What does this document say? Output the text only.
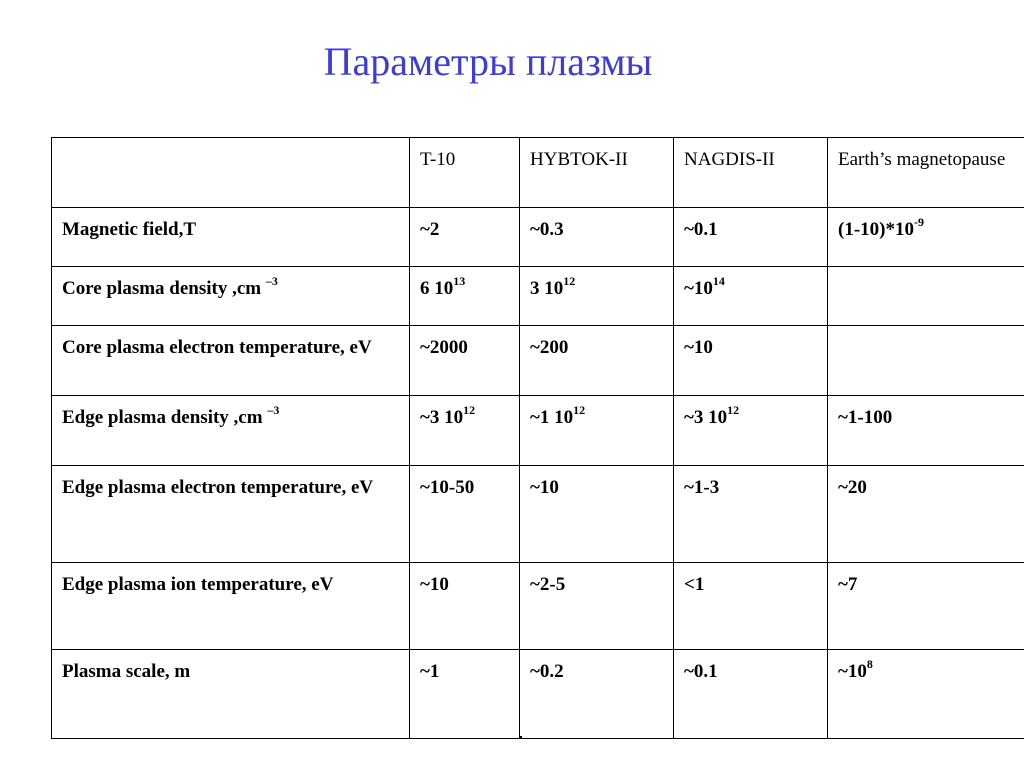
Параметры плазмы
	T-10	HYBTOK-II	NAGDIS-II	Earth’s magnetopause
Magnetic field,T	~2	~0.3	~0.1	$(1-10)*10^{-9}$
Core plasma density ,cm $^{-3}$	6 $10^{13}$	3 $10^{12}$	$\sim 10^{14}$	
Core plasma electron temperature, eV	~2000	~200	~10	
Edge plasma density ,cm $^{-3}$	~3 $10^{12}$	~1 $10^{12}$	~3 $10^{12}$	~1-100
Edge plasma electron temperature, eV	~10-50	~10	~1-3	~20
Edge plasma ion temperature, eV	~10	~2-5	<1	~7
Plasma scale, m	~1	~0.2	~0.1	$\sim 10^8$
